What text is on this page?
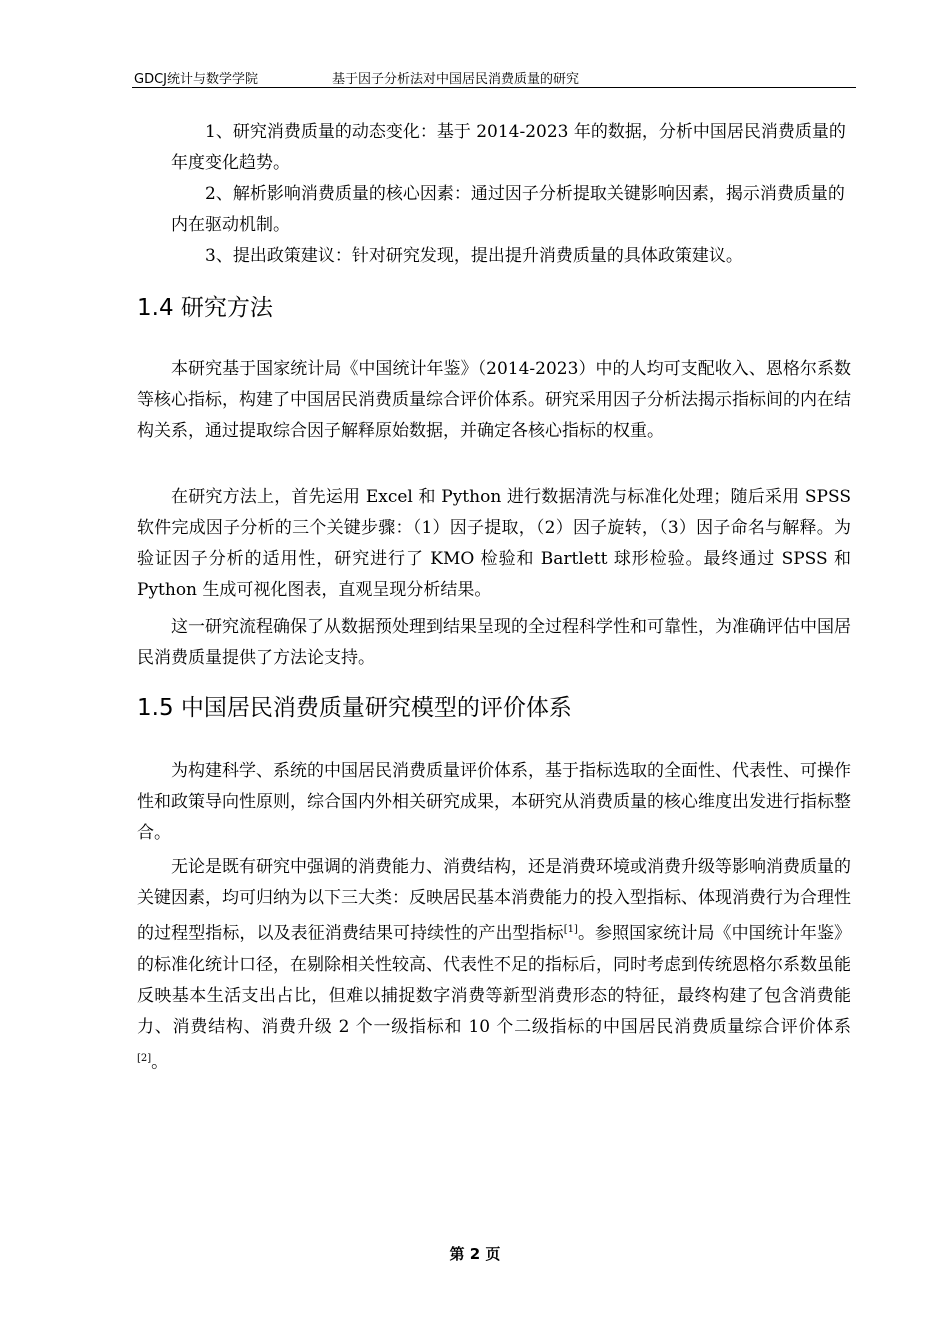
GDCJ统计与数学学院	基于因子分析法对中国居民消费质量的研究

1、研究消费质量的动态变化：基于 2014-2023 年的数据，分析中国居民消费质量的年度变化趋势。

2、解析影响消费质量的核心因素：通过因子分析提取关键影响因素，揭示消费质量的内在驱动机制。

3、提出政策建议：针对研究发现，提出提升消费质量的具体政策建议。

1.4 研究方法

本研究基于国家统计局《中国统计年鉴》（2014-2023）中的人均可支配收入、恩格尔系数等核心指标，构建了中国居民消费质量综合评价体系。研究采用因子分析法揭示指标间的内在结构关系，通过提取综合因子解释原始数据，并确定各核心指标的权重。

在研究方法上，首先运用 Excel 和 Python 进行数据清洗与标准化处理；随后采用 SPSS 软件完成因子分析的三个关键步骤：（1）因子提取，（2）因子旋转，（3）因子命名与解释。为验证因子分析的适用性，研究进行了 KMO 检验和 Bartlett 球形检验。最终通过 SPSS 和 Python 生成可视化图表，直观呈现分析结果。

这一研究流程确保了从数据预处理到结果呈现的全过程科学性和可靠性，为准确评估中国居民消费质量提供了方法论支持。

1.5 中国居民消费质量研究模型的评价体系

为构建科学、系统的中国居民消费质量评价体系，基于指标选取的全面性、代表性、可操作性和政策导向性原则，综合国内外相关研究成果，本研究从消费质量的核心维度出发进行指标整合。

无论是既有研究中强调的消费能力、消费结构，还是消费环境或消费升级等影响消费质量的关键因素，均可归纳为以下三大类：反映居民基本消费能力的投入型指标、体现消费行为合理性的过程型指标，以及表征消费结果可持续性的产出型指标[1]。参照国家统计局《中国统计年鉴》的标准化统计口径，在剔除相关性较高、代表性不足的指标后，同时考虑到传统恩格尔系数虽能反映基本生活支出占比，但难以捕捉数字消费等新型消费形态的特征，最终构建了包含消费能力、消费结构、消费升级 2 个一级指标和 10 个二级指标的中国居民消费质量综合评价体系[2]。

第 2 页
